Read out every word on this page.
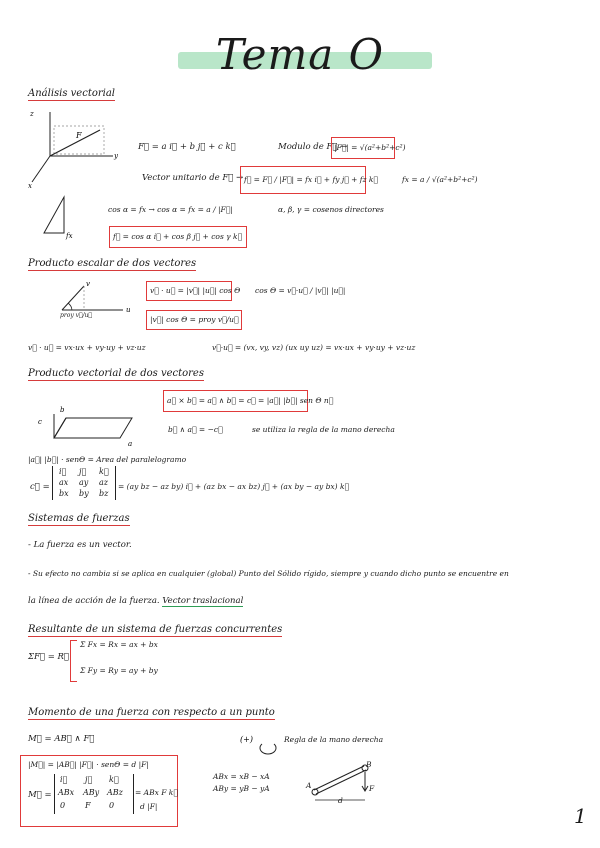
Tema O
Análisis vectorial
F
z
y
x
F⃗ = a i⃗ + b j⃗ + c k⃗	Modulo de F⃗ →
|F⃗| = √(a²+b²+c²)
Vector unitario de F⃗ → f⃗ = F⃗ / |F⃗| = fx i⃗ + fy j⃗ + fz k⃗	fx = a / √(a²+b²+c²)
fx
cos α = fx → cos α = fx = a / |F⃗|	α, β, γ = cosenos directores
f⃗ = cos α i⃗ + cos β j⃗ + cos γ k⃗
Producto escalar de dos vectores
v
u
proy v⃗/u⃗
v⃗ · u⃗ = |v⃗| |u⃗| cos Θ cos Θ = v⃗·u⃗ / |v⃗| |u⃗|
|v⃗| cos Θ = proy v⃗/u⃗
v⃗ · u⃗ = vx·ux + vy·uy + vz·uz	v⃗·u⃗ = (vx, vy, vz) (ux uy uz) = vx·ux + vy·uy + vz·uz
Producto vectorial de dos vectores
c
b
a
a⃗ × b⃗ = a⃗ ∧ b⃗ = c⃗ = |a⃗| |b⃗| sen Θ n⃗
b⃗ ∧ a⃗ = −c⃗	se utiliza la regla de la mano derecha
|a⃗| |b⃗| · senΘ = Area del paralelogramo
c⃗ =
i⃗ j⃗ k⃗
ax ay az
bx by bz
= (ay bz − az by) i⃗ + (az bx − ax bz) j⃗ + (ax by − ay bx) k⃗
Sistemas de fuerzas
- La fuerza es un vector.
- Su efecto no cambia si se aplica en cualquier (global) Punto del Sólido rígido, siempre y cuando dicho punto se encuentre en
la línea de acción de la fuerza. Vector traslacional
Resultante de un sistema de fuerzas concurrentes
ΣF⃗ = R⃗
Σ Fx = Rx = ax + bx
Σ Fy = Ry = ay + by
Momento de una fuerza con respecto a un punto
M⃗ = AB⃗ ∧ F⃗	(+)	Regla de la mano derecha
|M⃗| = |AB⃗| |F⃗| · senΘ = d |F|
M⃗ =
i⃗ j⃗ k⃗
ABx ABy ABz
0 F 0
= ABx F k⃗
d |F|
ABx = xB − xA
ABy = yB − yA	A
B
d
F
1
